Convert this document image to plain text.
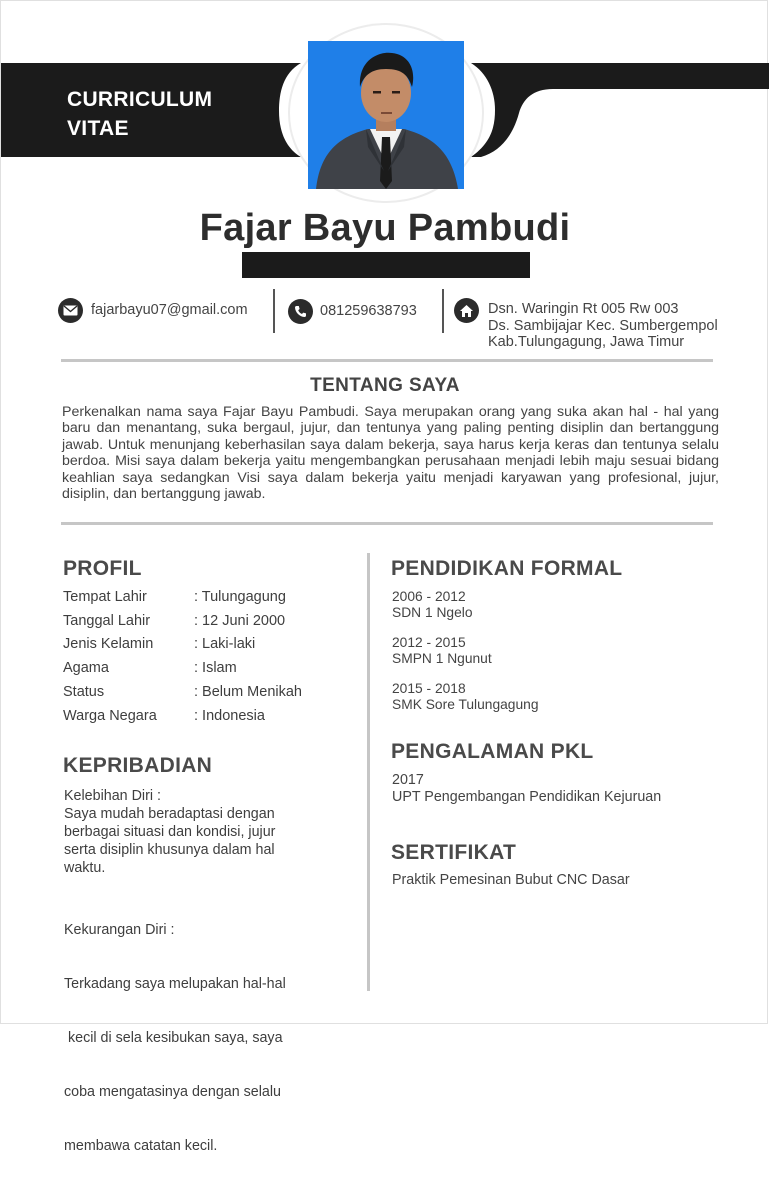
CURRICULUM
VITAE
Fajar Bayu Pambudi
fajarbayu07@gmail.com	081259638793	Dsn. Waringin Rt 005 Rw 003
Ds. Sambijajar Kec. Sumbergempol
Kab.Tulungagung, Jawa Timur
TENTANG SAYA
Perkenalkan nama saya Fajar Bayu Pambudi. Saya merupakan orang yang suka akan hal - hal yang baru dan menantang, suka bergaul, jujur, dan tentunya yang paling penting disiplin dan bertanggung jawab. Untuk menunjang keberhasilan saya dalam bekerja, saya harus kerja keras dan tentunya selalu berdoa. Misi saya dalam bekerja yaitu mengembangkan perusahaan menjadi lebih maju sesuai bidang keahlian saya sedangkan Visi saya dalam bekerja yaitu menjadi karyawan yang profesional, jujur, disiplin, dan bertanggung jawab.
PROFIL
Tempat Lahir	: Tulungagung
Tanggal Lahir	: 12 Juni 2000
Jenis Kelamin	: Laki-laki
Agama	: Islam
Status	: Belum Menikah
Warga Negara	: Indonesia
KEPRIBADIAN
Kelebihan Diri :
Saya mudah beradaptasi dengan
berbagai situasi dan kondisi, jujur
serta disiplin khusunya dalam hal
waktu.

Kekurangan Diri :

Terkadang saya melupakan hal-hal

kecil di sela kesibukan saya, saya

coba mengatasinya dengan selalu

membawa catatan kecil.

PENDIDIKAN FORMAL
2006 - 2012
SDN 1 Ngelo
2012 - 2015
SMPN 1 Ngunut
2015 - 2018
SMK Sore Tulungagung
PENGALAMAN PKL
2017
UPT Pengembangan Pendidikan Kejuruan
SERTIFIKAT
Praktik Pemesinan Bubut CNC Dasar
